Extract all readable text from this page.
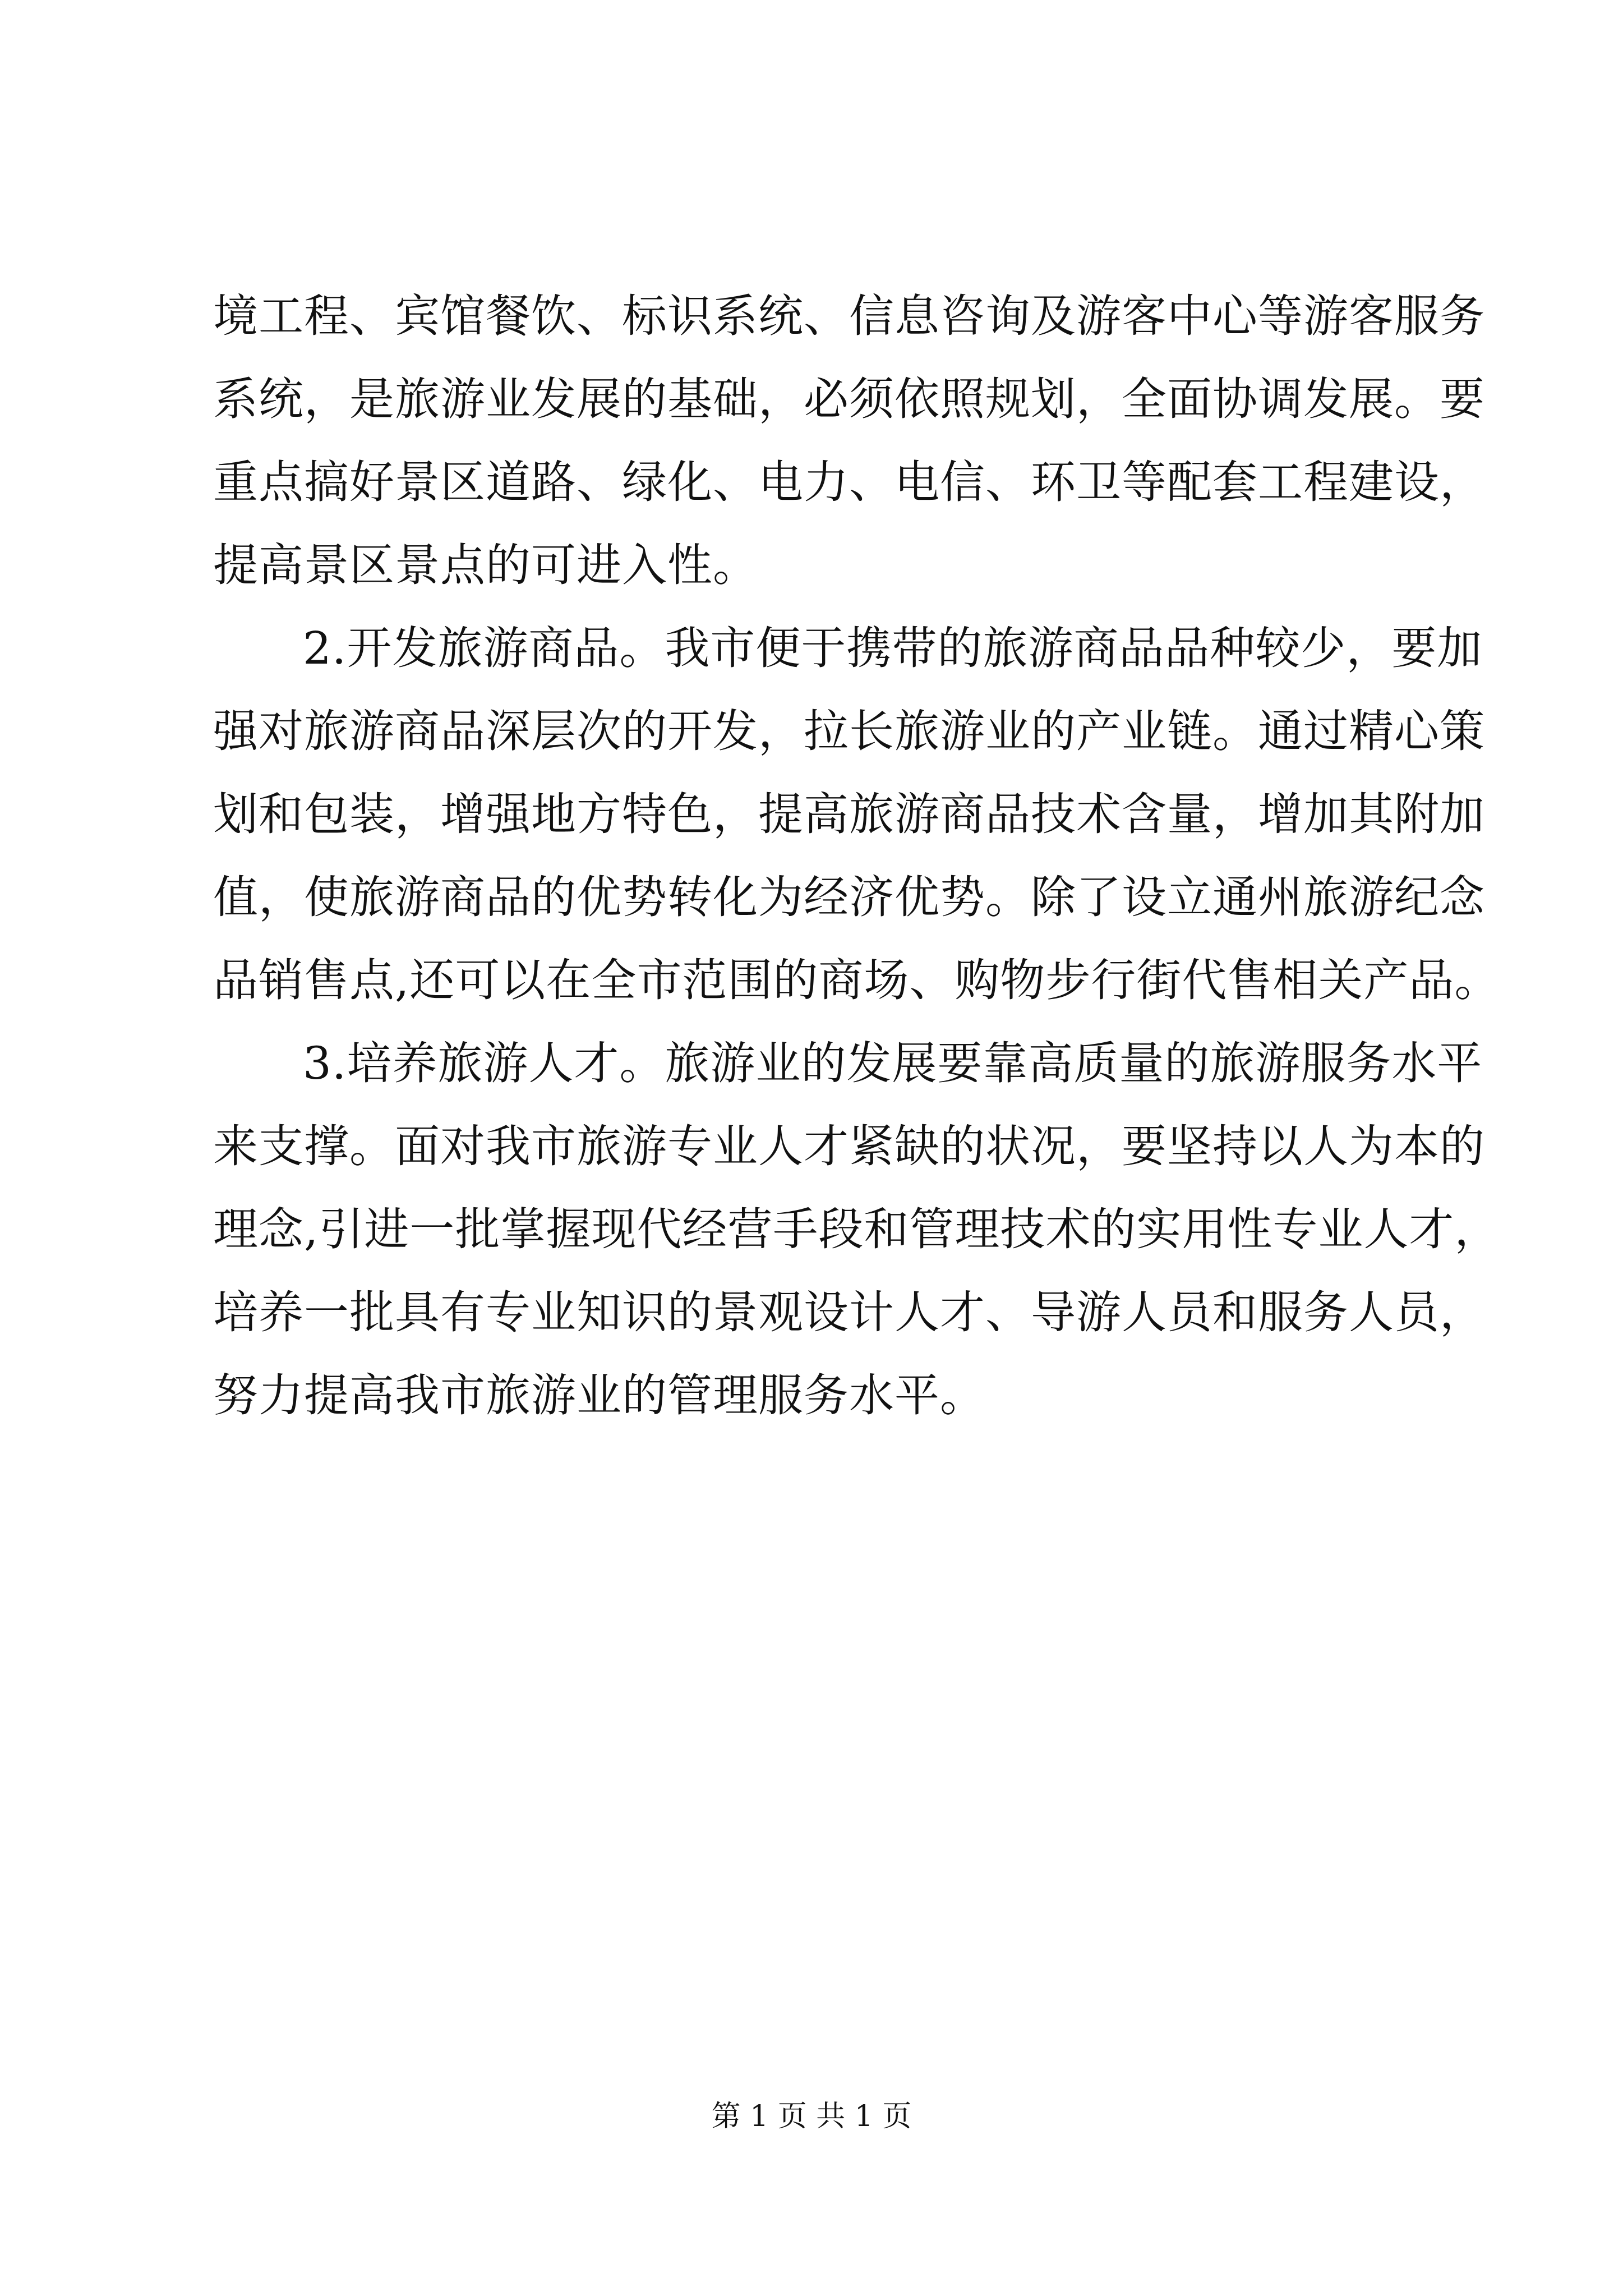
境工程、宾馆餐饮、标识系统、信息咨询及游客中心等游客服务
系统，是旅游业发展的基础，必须依照规划，全面协调发展。要
重点搞好景区道路、绿化、电力、电信、环卫等配套工程建设，
提高景区景点的可进入性。
2.开发旅游商品。我市便于携带的旅游商品品种较少，要加
强对旅游商品深层次的开发，拉长旅游业的产业链。通过精心策
划和包装，增强地方特色，提高旅游商品技术含量，增加其附加
值，使旅游商品的优势转化为经济优势。除了设立通州旅游纪念
品销售点,还可以在全市范围的商场、购物步行街代售相关产品。
3.培养旅游人才。旅游业的发展要靠高质量的旅游服务水平
来支撑。面对我市旅游专业人才紧缺的状况，要坚持以人为本的
理念,引进一批掌握现代经营手段和管理技术的实用性专业人才，
培养一批具有专业知识的景观设计人才、导游人员和服务人员，
努力提高我市旅游业的管理服务水平。
第 1 页 共 1 页
